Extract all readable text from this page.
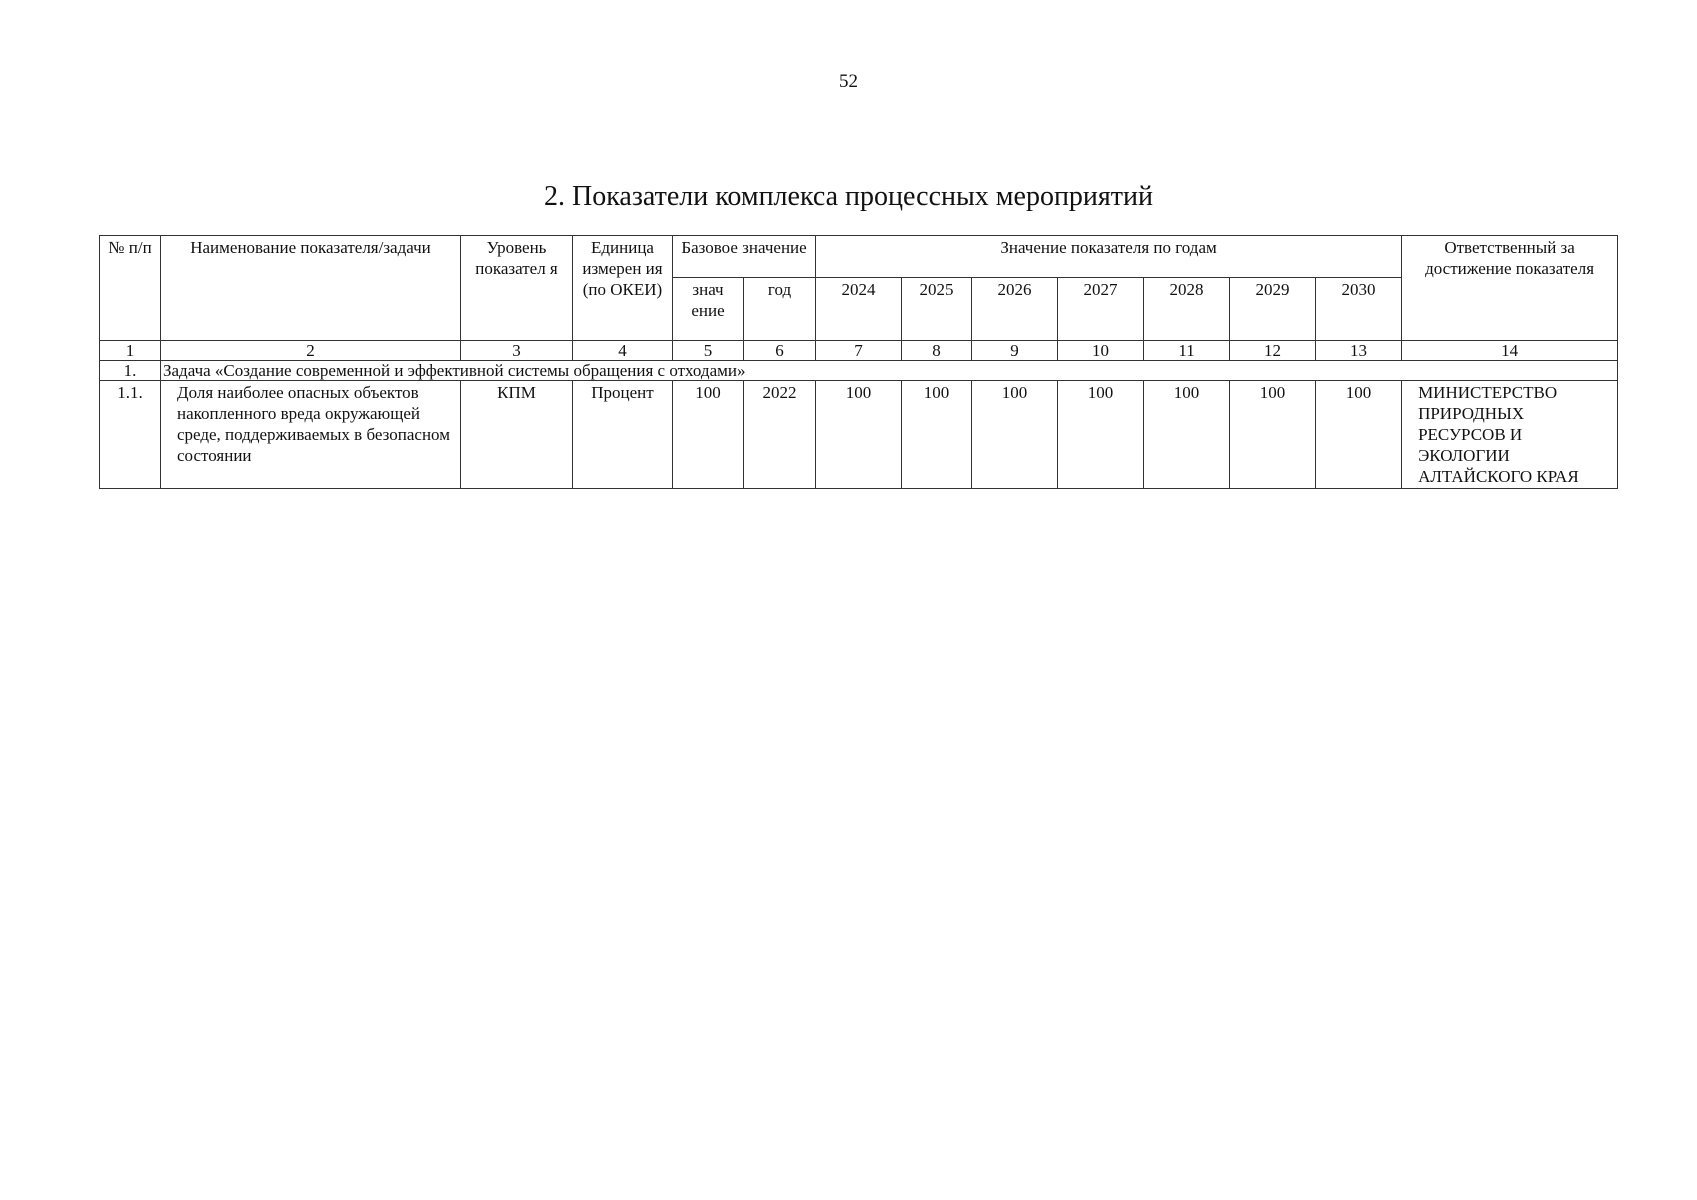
52
2. Показатели комплекса процессных мероприятий
№ п/п	Наименование показателя/задачи	Уровень показател я	Единица измерен ия (по ОКЕИ)	Базовое значение		Значение показателя по годам							Ответственный за достижение показателя
				знач ение	год	2024	2025	2026	2027	2028	2029	2030	
1	2	3	4	5	6	7	8	9	10	11	12	13	14
1.	Задача «Создание современной и эффективной системы обращения с отходами»												
1.1.	Доля наиболее опасных объектов накопленного вреда окружающей среде, поддерживаемых в безопасном состоянии	КПМ	Процент	100	2022	100	100	100	100	100	100	100	МИНИСТЕРСТВО ПРИРОДНЫХ РЕСУРСОВ И ЭКОЛОГИИ АЛТАЙСКОГО КРАЯ
